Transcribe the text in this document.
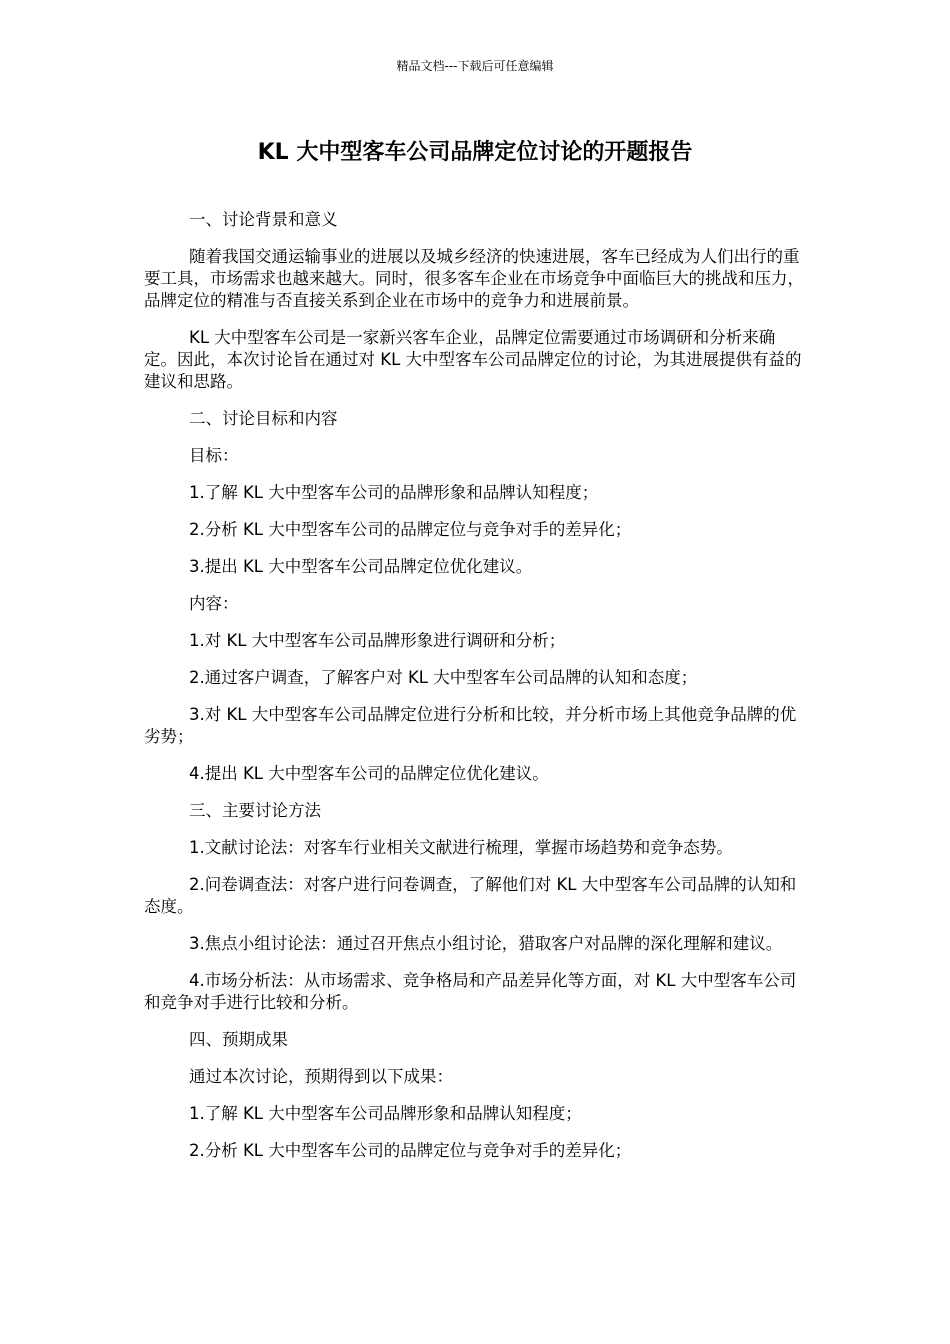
精品文档---下载后可任意编辑
KL 大中型客车公司品牌定位讨论的开题报告

一、讨论背景和意义

随着我国交通运输事业的进展以及城乡经济的快速进展，客车已经成为人们出行的重要工具，市场需求也越来越大。同时，很多客车企业在市场竞争中面临巨大的挑战和压力，品牌定位的精准与否直接关系到企业在市场中的竞争力和进展前景。

KL 大中型客车公司是一家新兴客车企业，品牌定位需要通过市场调研和分析来确定。因此，本次讨论旨在通过对 KL 大中型客车公司品牌定位的讨论，为其进展提供有益的建议和思路。

二、讨论目标和内容

目标：

1.了解 KL 大中型客车公司的品牌形象和品牌认知程度；

2.分析 KL 大中型客车公司的品牌定位与竞争对手的差异化；

3.提出 KL 大中型客车公司品牌定位优化建议。

内容：

1.对 KL 大中型客车公司品牌形象进行调研和分析；

2.通过客户调查，了解客户对 KL 大中型客车公司品牌的认知和态度；

3.对 KL 大中型客车公司品牌定位进行分析和比较，并分析市场上其他竞争品牌的优劣势；

4.提出 KL 大中型客车公司的品牌定位优化建议。

三、主要讨论方法

1.文献讨论法：对客车行业相关文献进行梳理，掌握市场趋势和竞争态势。

2.问卷调查法：对客户进行问卷调查，了解他们对 KL 大中型客车公司品牌的认知和态度。

3.焦点小组讨论法：通过召开焦点小组讨论，猎取客户对品牌的深化理解和建议。

4.市场分析法：从市场需求、竞争格局和产品差异化等方面，对 KL 大中型客车公司和竞争对手进行比较和分析。

四、预期成果

通过本次讨论，预期得到以下成果：

1.了解 KL 大中型客车公司品牌形象和品牌认知程度；

2.分析 KL 大中型客车公司的品牌定位与竞争对手的差异化；
